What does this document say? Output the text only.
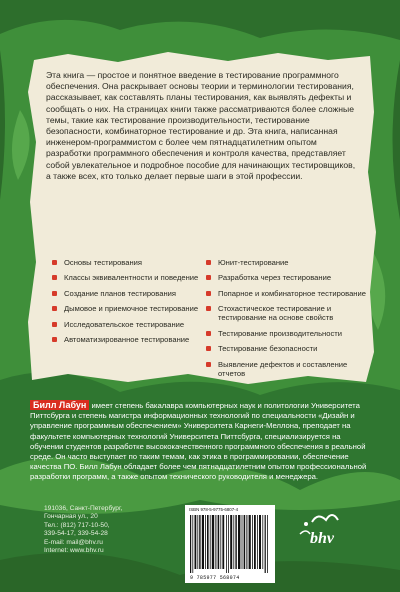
Эта книга — простое и понятное введение в тестирование программного обеспечения. Она раскрывает основы теории и терминологии тестирования, рассказывает, как составлять планы тестирования, как выявлять дефекты и сообщать о них. На страницах книги также рассматриваются более сложные темы, такие как тестирование производительности, тестирование безопасности, комбинаторное тестирование и др. Эта книга, написанная инженером-программистом с более чем пятнадцатилетним опытом разработки программного обеспечения и контроля качества, представляет собой увлекательное и подробное пособие для начинающих тестировщиков, а также всех, кто только делает первые шаги в этой профессии.

Основы тестирования
Классы эквивалентности и поведение
Создание планов тестирования
Дымовое и приемочное тестирование
Исследовательское тестирование
Автоматизированное тестирование
Юнит-тестирование
Разработка через тестирование
Попарное и комбинаторное тестирование
Стохастическое тестирование и тестирование на основе свойств
Тестирование производительности
Тестирование безопасности
Выявление дефектов и составление отчетов

Билл Лабун имеет степень бакалавра компьютерных наук и политологии Университета Питтсбурга и степень магистра информационных технологий по специальности «Дизайн и управление программным обеспечением» Университета Карнеги-Меллона, преподает на факультете компьютерных технологий Университета Питтсбурга, специализируется на обучении студентов разработке высококачественного программного обеспечения в реальной среде. Он часто выступает по таким темам, как этика в программировании, обеспечение качества ПО. Билл Лабун обладает более чем пятнадцатилетним опытом профессиональной разработки программ, а также опытом технического руководителя и менеджера.

191036, Санкт-Петербург,
Гончарная ул., 20
Тел.: (812) 717-10-50,
339-54-17, 339-54-28
E-mail: mail@bhv.ru
Internet: www.bhv.ru
ISBN 978-5-9775-6807-4
9 785977 568074
bhv
